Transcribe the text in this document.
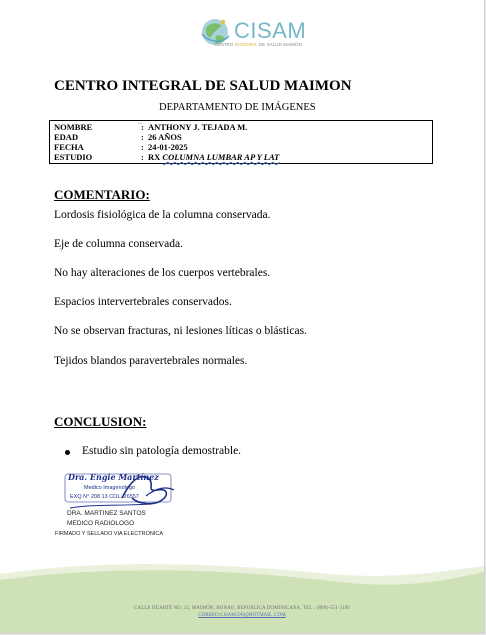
CISAM
CENTRO INTEGRAL DE SALUD MAIMON
CENTRO INTEGRAL DE SALUD MAIMON
DEPARTAMENTO DE IMÁGENES
NOMBRE	~ : ANTHONY J. TEJADA M.
EDAD	: 26 AÑOS
FECHA	: 24-01-2025
ESTUDIO	: RX COLUMNA LUMBAR AP Y LAT
COMENTARIO:
Lordosis fisiológica de la columna conservada.
Eje de columna conservada.
No hay alteraciones de los cuerpos vertebrales.
Espacios intervertebrales conservados.
No se observan fracturas, ni lesiones líticas o blásticas.
Tejidos blandos paravertebrales normales.
CONCLUSION:
Estudio sin patología demostrable.
Dra. Engie Martínez
Medico Imagenólogo
EXQ N° 208 13 COL. 26557
DRA. MARTINEZ SANTOS
MEDICO RADIOLOGO
FIRMADO Y SELLADO VIA ELECTRONICA
CALLE DUARTE NO. 33, MAIMÓN, BONAO, REPUBLICA DOMINICANA, TEL.: (809)-551-3196
CORREO:CISAM.DO@HOTMAIL .COM
